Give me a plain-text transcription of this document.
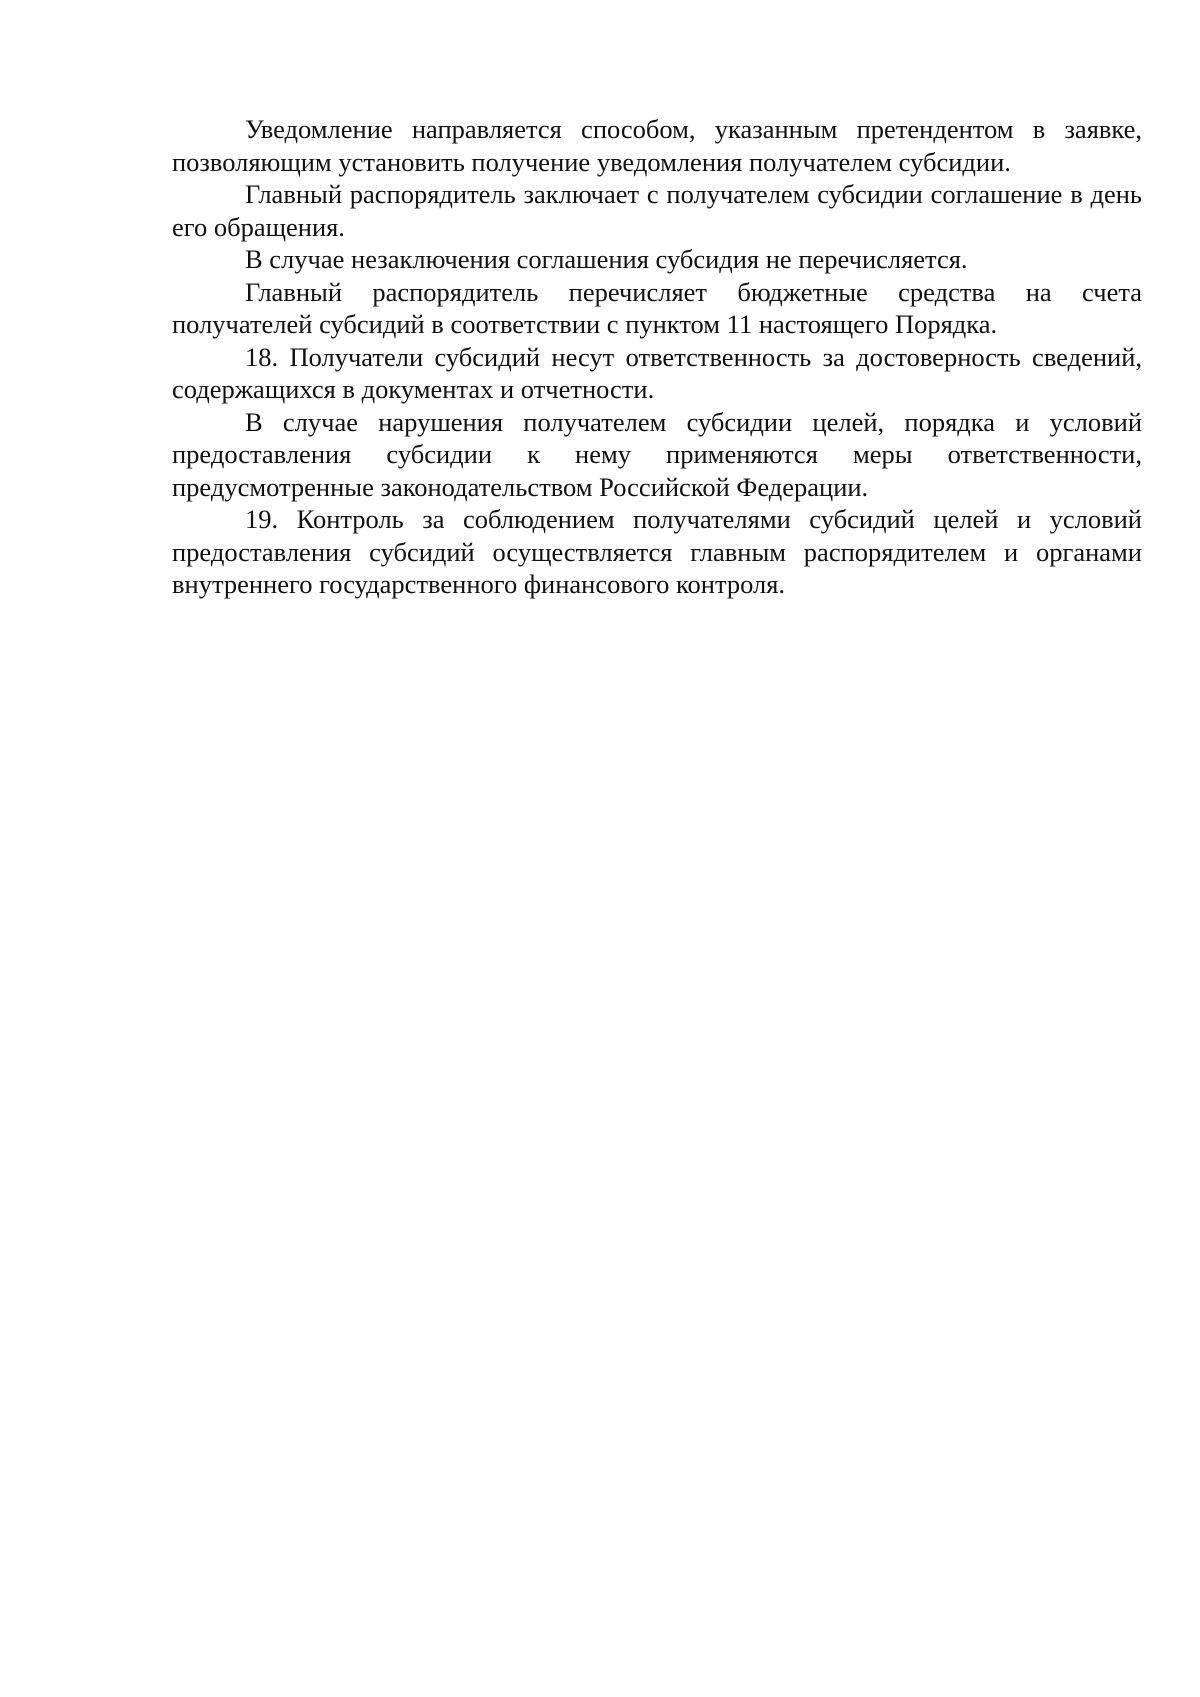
Уведомление направляется способом, указанным претендентом в заявке, позволяющим установить получение уведомления получателем субсидии.

Главный распорядитель заключает с получателем субсидии соглашение в день его обращения.

В случае незаключения соглашения субсидия не перечисляется.

Главный распорядитель перечисляет бюджетные средства на счета получателей субсидий в соответствии с пунктом 11 настоящего Порядка.

18. Получатели субсидий несут ответственность за достоверность сведений, содержащихся в документах и отчетности.

В случае нарушения получателем субсидии целей, порядка и условий предоставления субсидии к нему применяются меры ответственности, предусмотренные законодательством Российской Федерации.

19. Контроль за соблюдением получателями субсидий целей и условий предоставления субсидий осуществляется главным распорядителем и органами внутреннего государственного финансового контроля.
